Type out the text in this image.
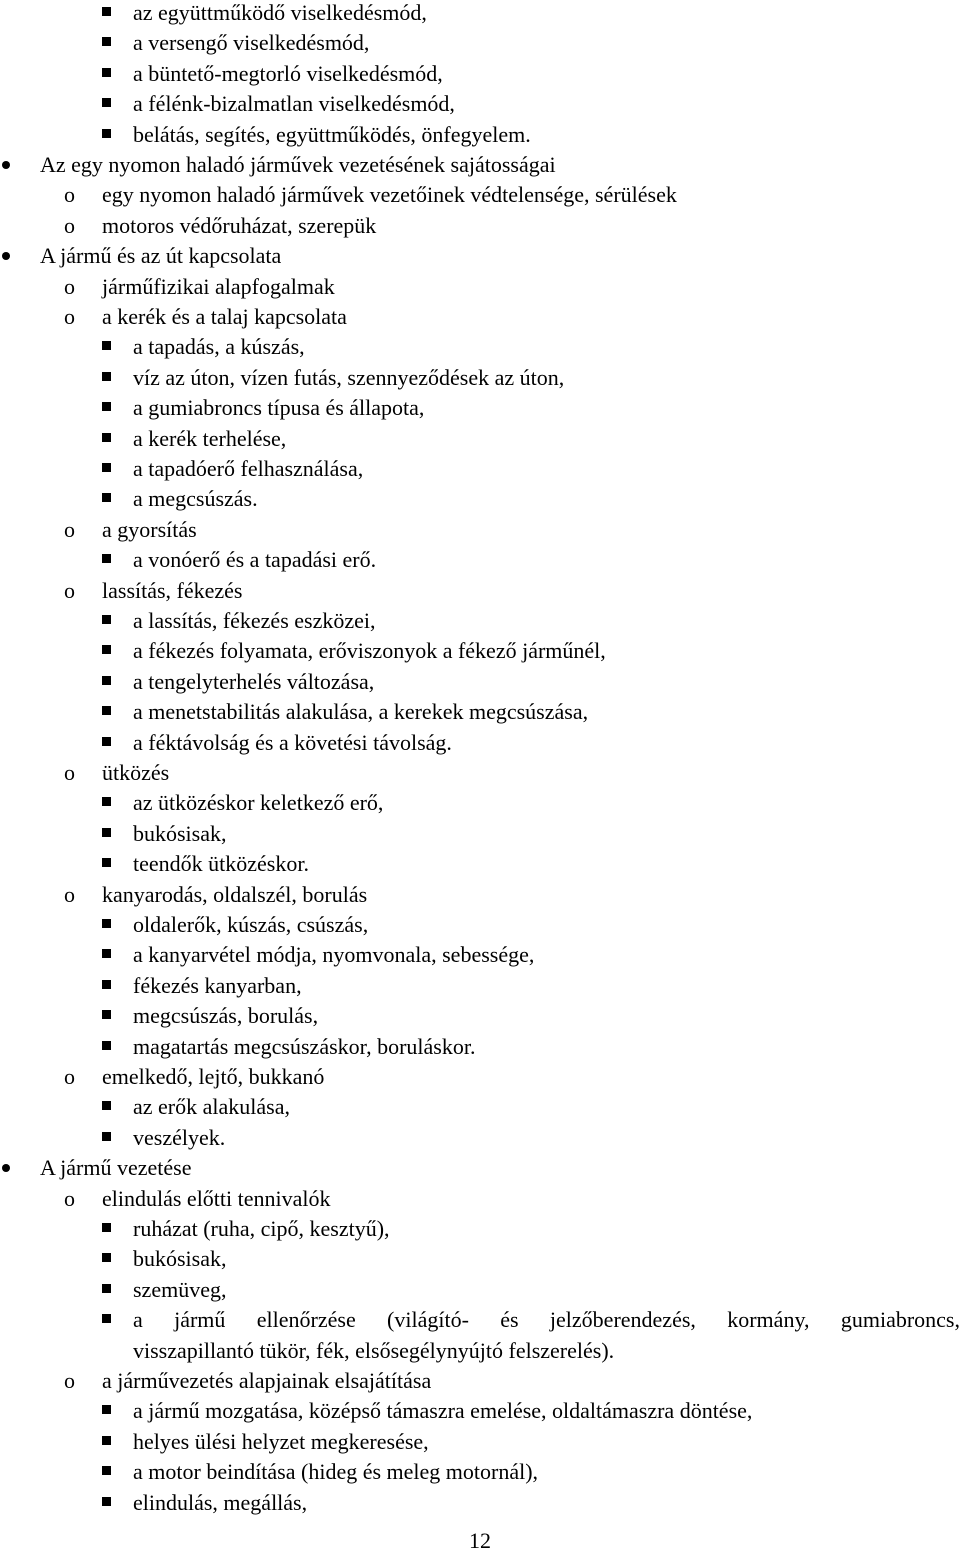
az együttműködő viselkedésmód,
a versengő viselkedésmód,
a büntető-megtorló viselkedésmód,
a félénk-bizalmatlan viselkedésmód,
belátás, segítés, együttműködés, önfegyelem.
Az egy nyomon haladó járművek vezetésének sajátosságai
o
egy nyomon haladó járművek vezetőinek védtelensége, sérülések
o
motoros védőruházat, szerepük
A jármű és az út kapcsolata
o
járműfizikai alapfogalmak
o
a kerék és a talaj kapcsolata
a tapadás, a kúszás,
víz az úton, vízen futás, szennyeződések az úton,
a gumiabroncs típusa és állapota,
a kerék terhelése,
a tapadóerő felhasználása,
a megcsúszás.
o
a gyorsítás
a vonóerő és a tapadási erő.
o
lassítás, fékezés
a lassítás, fékezés eszközei,
a fékezés folyamata, erőviszonyok a fékező járműnél,
a tengelyterhelés változása,
a menetstabilitás alakulása, a kerekek megcsúszása,
a féktávolság és a követési távolság.
o
ütközés
az ütközéskor keletkező erő,
bukósisak,
teendők ütközéskor.
o
kanyarodás, oldalszél, borulás
oldalerők, kúszás, csúszás,
a kanyarvétel módja, nyomvonala, sebessége,
fékezés kanyarban,
megcsúszás, borulás,
magatartás megcsúszáskor, boruláskor.
o
emelkedő, lejtő, bukkanó
az erők alakulása,
veszélyek.
A jármű vezetése
o
elindulás előtti tennivalók
ruházat (ruha, cipő, kesztyű),
bukósisak,
szemüveg,
a jármű ellenőrzése (világító- és jelzőberendezés, kormány, gumiabroncs,
visszapillantó tükör, fék, elsősegélynyújtó felszerelés).
o
a járművezetés alapjainak elsajátítása
a jármű mozgatása, középső támaszra emelése, oldaltámaszra döntése,
helyes ülési helyzet megkeresése,
a motor beindítása (hideg és meleg motornál),
elindulás, megállás,
12
